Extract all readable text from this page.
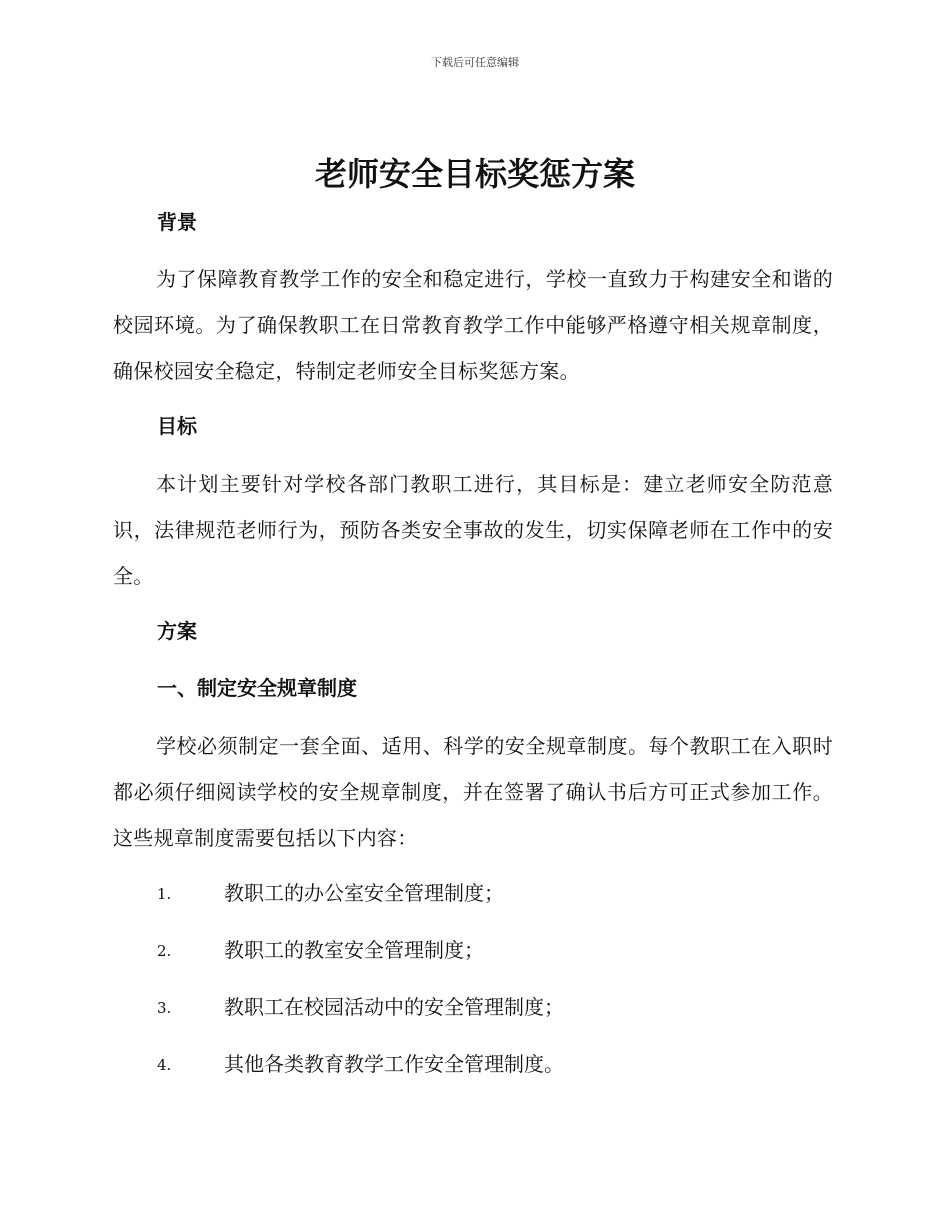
下载后可任意编辑
老师安全目标奖惩方案
背景

为了保障教育教学工作的安全和稳定进行，学校一直致力于构建安全和谐的校园环境。为了确保教职工在日常教育教学工作中能够严格遵守相关规章制度，确保校园安全稳定，特制定老师安全目标奖惩方案。

目标

本计划主要针对学校各部门教职工进行，其目标是：建立老师安全防范意识，法律规范老师行为，预防各类安全事故的发生，切实保障老师在工作中的安全。

方案
一、制定安全规章制度

学校必须制定一套全面、适用、科学的安全规章制度。每个教职工在入职时都必须仔细阅读学校的安全规章制度，并在签署了确认书后方可正式参加工作。这些规章制度需要包括以下内容：

1.	教职工的办公室安全管理制度；
2.	教职工的教室安全管理制度；
3.	教职工在校园活动中的安全管理制度；
4.	其他各类教育教学工作安全管理制度。
